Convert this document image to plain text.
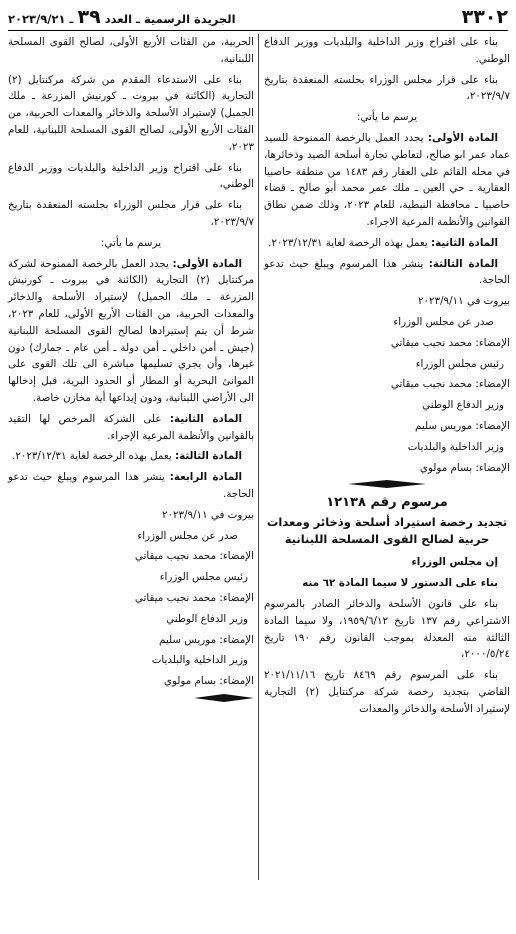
٣٣٠٢
الجريدة الرسمية ـ العدد ٣٩ ـ ٢٠٢٣/٩/٢١

بناء على اقتراح وزير الداخلية والبلديات ووزير الدفاع الوطني.

بناء على قرار مجلس الوزراء بجلسته المنعقدة بتاريخ ٢٠٢٣/٩/٧،

يرسم ما يأتي:

المادة الأولى: يجدد العمل بالرخصة الممنوحة للسيد عماد عمر ابو صالح، لتعاطي تجارة أسلحة الصيد وذخائرها، في محله القائم على العقار رقم ١٤٨٣ من منطقة حاصبيا العقارية ـ حي العين ـ ملك عمر محمد أبو صالح ـ قضاء حاصبيا ـ محافظة النبطية، للعام ٢٠٢٣، وذلك ضمن نطاق القوانين والأنظمة المرعية الاجراء.

المادة الثانية: يعمل بهذه الرخصة لغاية ٢٠٢٣/١٢/٣١.

المادة الثالثة: ينشر هذا المرسوم ويبلغ حيث تدعو الحاجة.

بيروت في ٢٠٢٣/٩/١١

صدر عن مجلس الوزراء

الإمضاء: محمد نجيب ميقاتي

رئيس مجلس الوزراء

الإمضاء: محمد نجيب ميقاتي

وزير الدفاع الوطني

الإمضاء: موريس سليم

وزير الداخلية والبلديات

الإمضاء: بسام مولوي

مرسوم رقم ١٢١٣٨
تجديد رخصة استيراد أسلحة وذخائر ومعدات حربية لصالح القوى المسلحة اللبنانية

إن مجلس الوزراء

بناء على الدستور لا سيما المادة ٦٢ منه

بناء على قانون الأسلحة والذخائر الصادر بالمرسوم الاشتراعي رقم ١٣٧ تاريخ ١٩٥٩/٦/١٢، ولا سيما المادة الثالثة منه المعدلة بموجب القانون رقم ١٩٠ تاريخ ٢٠٠٠/٥/٢٤،

بناء على المرسوم رقم ٨٤٦٩ تاريخ ٢٠٢١/١١/١٦ القاضي بتجديد رخصة شركة مركنتايل (٢) التجارية لإستيراد الأسلحة والذخائر والمعدات

الحربية، من الفئات الأربع الأولى، لصالح القوى المسلحة اللبنانية،

بناء على الاستدعاء المقدم من شركة مركنتايل (٢) التجارية (الكائنة في بيروت ـ كورنيش المزرعة ـ ملك الجميل) لإستيراد الأسلحة والذخائر والمعدات الحربية، من الفئات الأربع الأولى، لصالح القوى المسلحة اللبنانية، للعام ٢٠٢٣،

بناء على اقتراح وزير الداخلية والبلديات ووزير الدفاع الوطني،

بناء على قرار مجلس الوزراء بجلسته المنعقدة بتاريخ ٢٠٢٣/٩/٧،

يرسم ما يأتي:

المادة الأولى: يجدد العمل بالرخصة الممنوحة لشركة مركنتايل (٢) التجارية (الكائنة في بيروت ـ كورنيش المزرعة ـ ملك الجميل) لإستيراد الأسلحة والذخائر والمعدات الحربية، من الفئات الأربع الأولى، للعام ٢٠٢٣، شرط أن يتم إستيرادها لصالح القوى المسلحة اللبنانية (جيش ـ أمن داخلي ـ أمن دولة ـ أمن عام ـ جمارك) دون غيرها، وأن يجري تسليمها مباشرة الى تلك القوى على الموانئ البحرية أو المطار أو الحدود البرية، قبل إدخالها الى الأراضي اللبنانية، ودون إيداعها أية مخازن خاصة.

المادة الثانية: على الشركة المرخص لها التقيد بالقوانين والأنظمة المرعية الإجراء.

المادة الثالثة: يعمل بهذه الرخصة لغاية ٢٠٢٣/١٢/٣١.

المادة الرابعة: ينشر هذا المرسوم ويبلغ حيث تدعو الحاجة.

بيروت في ٢٠٢٣/٩/١١

صدر عن مجلس الوزراء

الإمضاء: محمد نجيب ميقاتي

رئيس مجلس الوزراء

الإمضاء: محمد نجيب ميقاتي

وزير الدفاع الوطني

الإمضاء: موريس سليم

وزير الداخلية والبلديات

الإمضاء: بسام مولوي
